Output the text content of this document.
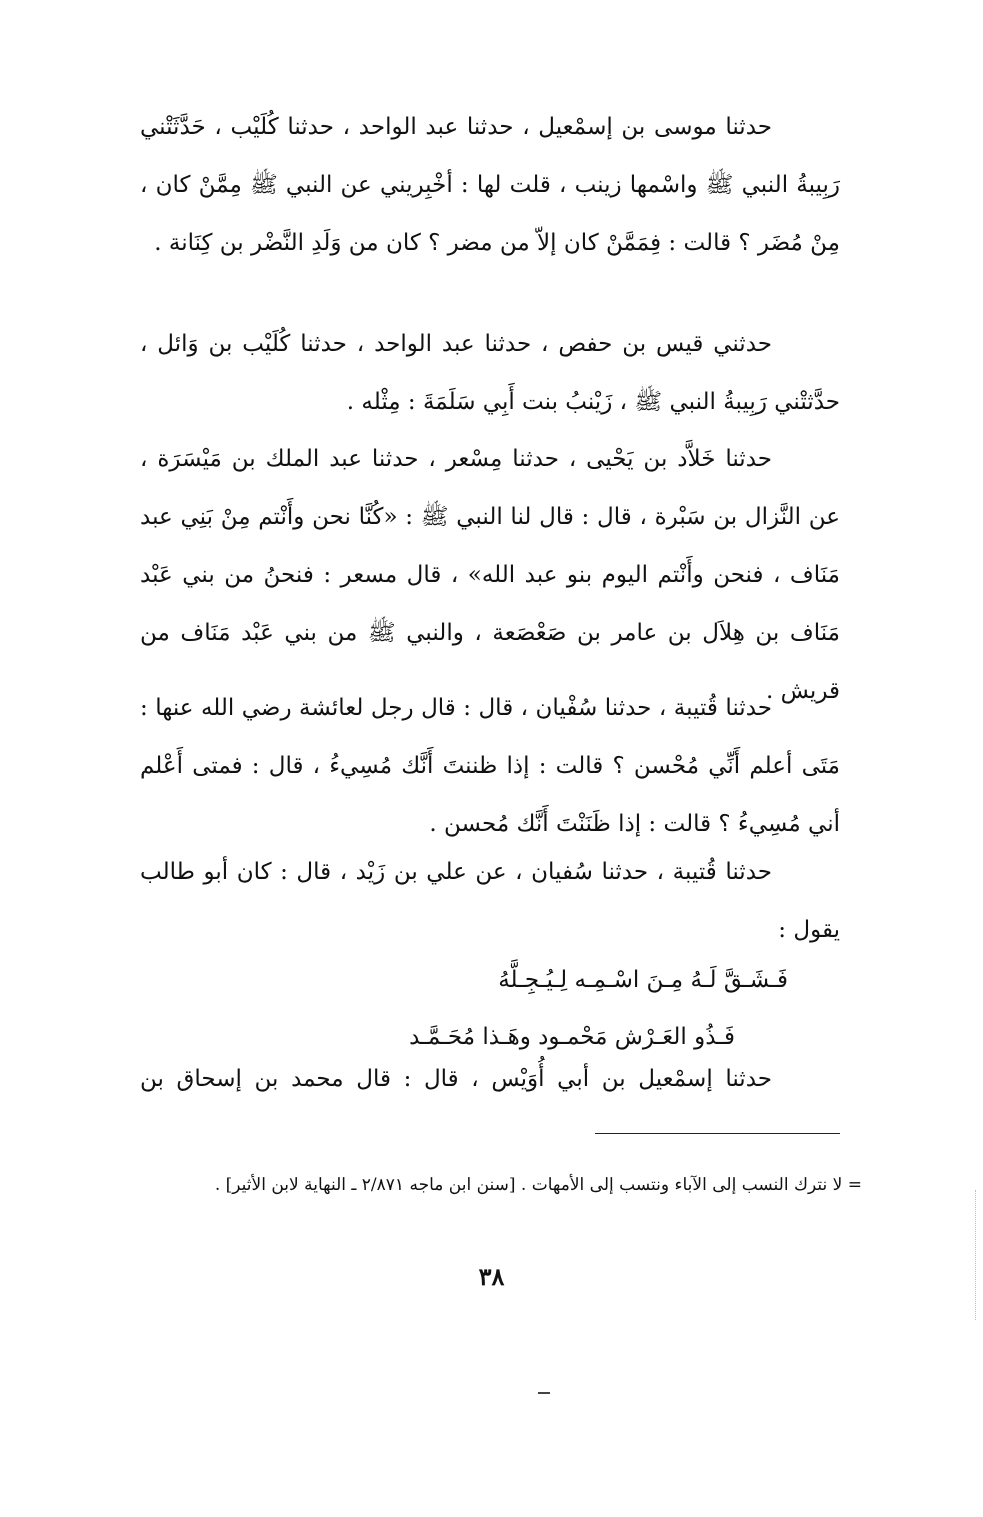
حدثنا موسى بن إسمْعيل ، حدثنا عبد الواحد ، حدثنا كُلَيْب ، حَدَّثَتْني رَبِيبةُ النبي ﷺ واسْمها زينب ، قلت لها : أخْبِريني عن النبي ﷺ مِمَّنْ كان ، مِنْ مُضَر ؟ قالت : فِمَمَّنْ كان إلاّ من مضر ؟ كان من وَلَدِ النَّضْر بن كِنَانة .

حدثني قيس بن حفص ، حدثنا عبد الواحد ، حدثنا كُلَيْب بن وَائل ، حدَّثتْني رَبِيبةُ النبي ﷺ ، زَيْنبُ بنت أَبِي سَلَمَةَ : مِثْله .

حدثنا خَلاَّد بن يَحْيى ، حدثنا مِسْعر ، حدثنا عبد الملك بن مَيْسَرَة ، عن النَّزال بن سَبْرة ، قال : قال لنا النبي ﷺ : «كُنَّا نحن وأَنْتم مِنْ بَنِي عبد مَنَاف ، فنحن وأَنْتم اليوم بنو عبد الله» ، قال مسعر : فنحنُ من بني عَبْد مَنَاف بن هِلاَل بن عامر بن صَعْصَعة ، والنبي ﷺ من بني عَبْد مَنَاف من قريش .

حدثنا قُتيبة ، حدثنا سُفْيان ، قال : قال رجل لعائشة رضي الله عنها : مَتَى أعلم أَنِّي مُحْسن ؟ قالت : إذا ظننتَ أَنَّك مُسِيءُ ، قال : فمتى أَعْلم أني مُسِيءُ ؟ قالت : إذا ظَنَنْتَ أَنَّك مُحسن .

حدثنا قُتيبة ، حدثنا سُفيان ، عن علي بن زَيْد ، قال : كان أبو طالب يقول :

فَـشَـقَّ لَـهُ مِـنَ اسْـمِـه لِـيُـجِـلَّهُ
فَـذُو العَـرْش مَحْمـود وهَـذا مُحَـمَّـد

حدثنا إسمْعيل بن أبي أُوَيْس ، قال : قال محمد بن إسحاق بن

= لا نترك النسب إلى الآباء ونتسب إلى الأمهات . [سنن ابن ماجه ٢/٨٧١ ـ النهاية لابن الأثير] .

٣٨
